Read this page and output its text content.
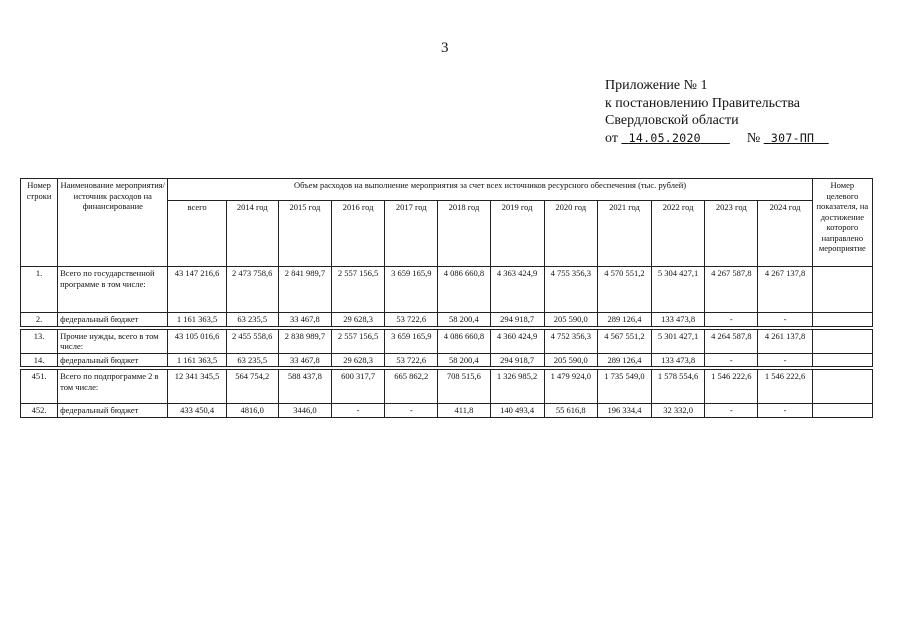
3
Приложение № 1
к постановлению Правительства
Свердловской области
от 14.05.2020	№ 307-ПП
Номер строки	Наименование мероприятия/ источник расходов на финансирование	Объем расходов на выполнение мероприятия за счет всех источников ресурсного обеспечения (тыс. рублей)												Номер целевого показателя, на достижение которого направлено мероприятие
		всего	2014 год	2015 год	2016 год	2017 год	2018 год	2019 год	2020 год	2021 год	2022 год	2023 год	2024 год	
1.	Всего по государственной программе в том числе:	43 147 216,6	2 473 758,6	2 841 989,7	2 557 156,5	3 659 165,9	4 086 660,8	4 363 424,9	4 755 356,3	4 570 551,2	5 304 427,1	4 267 587,8	4 267 137,8	
2.	федеральный бюджет	1 161 363,5	63 235,5	33 467,8	29 628,3	53 722,6	58 200,4	294 918,7	205 590,0	289 126,4	133 473,8	-	-	

13.	Прочие нужды, всего в том числе:	43 105 016,6	2 455 558,6	2 838 989,7	2 557 156,5	3 659 165,9	4 086 660,8	4 360 424,9	4 752 356,3	4 567 551,2	5 301 427,1	4 264 587,8	4 261 137,8	
14.	федеральный бюджет	1 161 363,5	63 235,5	33 467,8	29 628,3	53 722,6	58 200,4	294 918,7	205 590,0	289 126,4	133 473,8	-	-	

451.	Всего по подпрограмме 2 в том числе:	12 341 345,5	564 754,2	588 437,8	600 317,7	665 862,2	708 515,6	1 326 985,2	1 479 924,0	1 735 549,0	1 578 554,6	1 546 222,6	1 546 222,6	
452.	федеральный бюджет	433 450,4	4816,0	3446,0	-	-	411,8	140 493,4	55 616,8	196 334,4	32 332,0	-	-	
